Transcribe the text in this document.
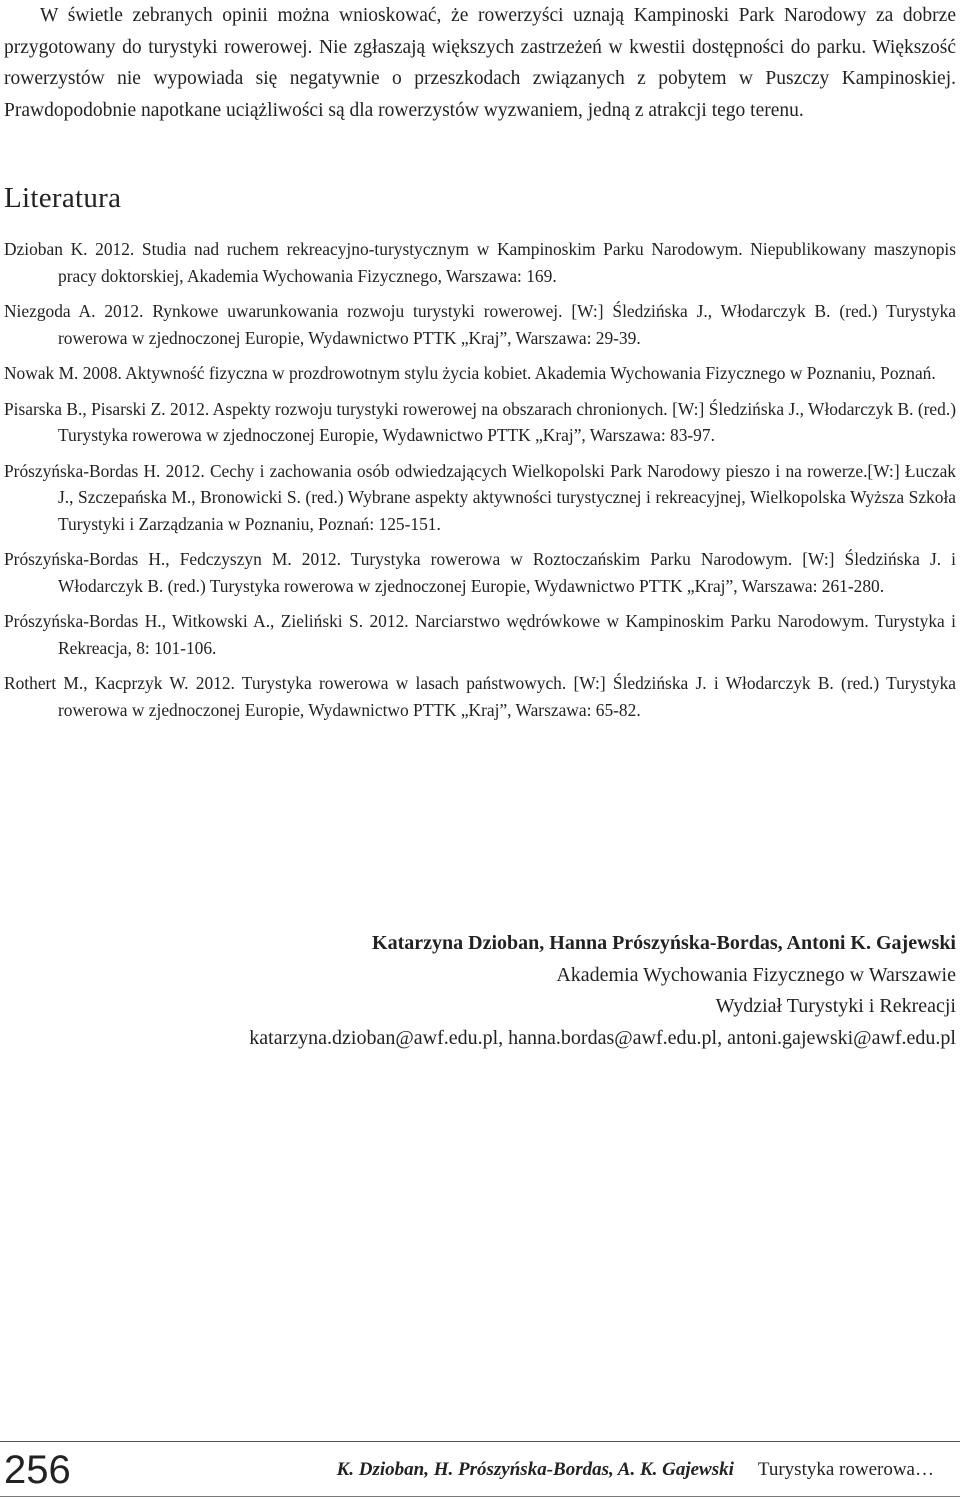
W świetle zebranych opinii można wnioskować, że rowerzyści uznają Kampinoski Park Narodowy za dobrze przygotowany do turystyki rowerowej. Nie zgłaszają większych zastrzeżeń w kwestii dostępności do parku. Większość rowerzystów nie wypowiada się negatywnie o przeszkodach związanych z pobytem w Puszczy Kampinoskiej. Prawdopodobnie napotkane uciążliwości są dla rowerzystów wyzwaniem, jedną z atrakcji tego terenu.

Literatura
Dzioban K. 2012. Studia nad ruchem rekreacyjno-turystycznym w Kampinoskim Parku Narodowym. Niepublikowany maszynopis pracy doktorskiej, Akademia Wychowania Fizycznego, Warszawa: 169.
Niezgoda A. 2012. Rynkowe uwarunkowania rozwoju turystyki rowerowej. [W:] Śledzińska J., Włodarczyk B. (red.) Turystyka rowerowa w zjednoczonej Europie, Wydawnictwo PTTK „Kraj”, Warszawa: 29-39.
Nowak M. 2008. Aktywność fizyczna w prozdrowotnym stylu życia kobiet. Akademia Wychowania Fizycznego w Poznaniu, Poznań.
Pisarska B., Pisarski Z. 2012. Aspekty rozwoju turystyki rowerowej na obszarach chronionych. [W:] Śledzińska J., Włodarczyk B. (red.) Turystyka rowerowa w zjednoczonej Europie, Wydawnictwo PTTK „Kraj”, Warszawa: 83-97.
Prószyńska-Bordas H. 2012. Cechy i zachowania osób odwiedzających Wielkopolski Park Narodowy pieszo i na rowerze.[W:] Łuczak J., Szczepańska M., Bronowicki S. (red.) Wybrane aspekty aktywności turystycznej i rekreacyjnej, Wielkopolska Wyższa Szkoła Turystyki i Zarządzania w Poznaniu, Poznań: 125-151.
Prószyńska-Bordas H., Fedczyszyn M. 2012. Turystyka rowerowa w Roztoczańskim Parku Narodowym. [W:] Śledzińska J. i Włodarczyk B. (red.) Turystyka rowerowa w zjednoczonej Europie, Wydawnictwo PTTK „Kraj”, Warszawa: 261-280.
Prószyńska-Bordas H., Witkowski A., Zieliński S. 2012. Narciarstwo wędrówkowe w Kampinoskim Parku Narodowym. Turystyka i Rekreacja, 8: 101-106.
Rothert M., Kacprzyk W. 2012. Turystyka rowerowa w lasach państwowych. [W:] Śledzińska J. i Włodarczyk B. (red.) Turystyka rowerowa w zjednoczonej Europie, Wydawnictwo PTTK „Kraj”, Warszawa: 65-82.
Katarzyna Dzioban, Hanna Prószyńska-Bordas, Antoni K. Gajewski
Akademia Wychowania Fizycznego w Warszawie
Wydział Turystyki i Rekreacji
katarzyna.dzioban@awf.edu.pl, hanna.bordas@awf.edu.pl, antoni.gajewski@awf.edu.pl
256	K. Dzioban, H. Prószyńska-Bordas, A. K. Gajewski Turystyka rowerowa…
